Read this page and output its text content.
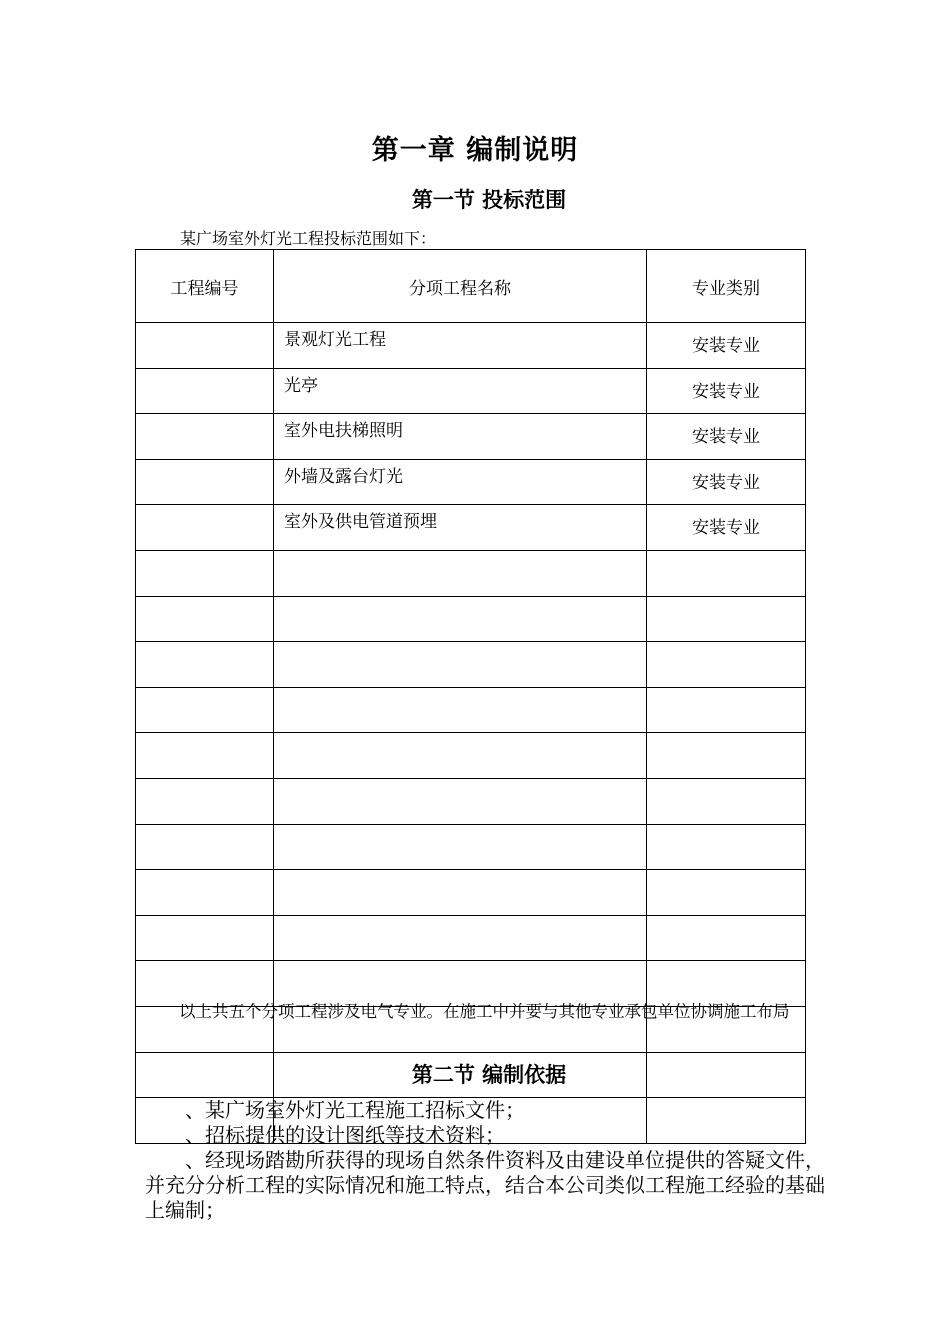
第一章 编制说明
第一节 投标范围
某广场室外灯光工程投标范围如下：
工程编号	分项工程名称	专业类别
	景观灯光工程	安装专业
	光亭	安装专业
	室外电扶梯照明	安装专业
	外墙及露台灯光	安装专业
	室外及供电管道预埋	安装专业

以上共五个分项工程涉及电气专业。在施工中并要与其他专业承包单位协调施工布局
第二节 编制依据

、某广场室外灯光工程施工招标文件；

、招标提供的设计图纸等技术资料；

、经现场踏勘所获得的现场自然条件资料及由建设单位提供的答疑文件，并充分分析工程的实际情况和施工特点，结合本公司类似工程施工经验的基础上编制；
